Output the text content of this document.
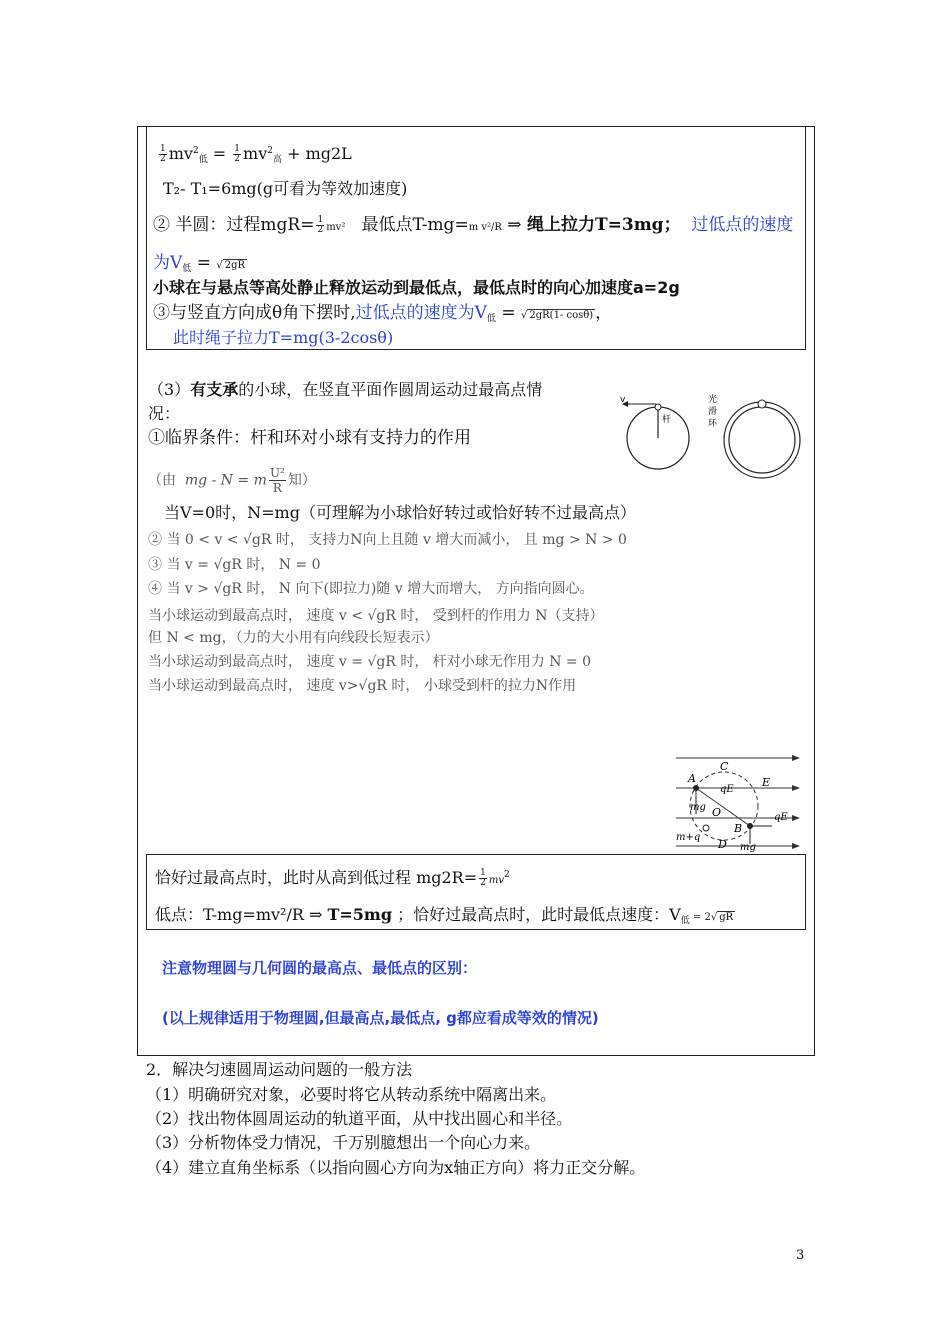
$\frac{1}{2} mv^2_低 = \frac{1}{2} mv^2_高 + mg2L$
T₂- T₁=6mg(g可看为等效加速度)
② 半圆：过程$mgR= \frac{1}{2} mv^2$ 最低点T-mg=m v²/R ⇒ 绳上拉力T=3mg； 过低点的速度
为$V_低$ = √ 2gR
小球在与悬点等高处静止释放运动到最低点，最低点时的向心加速度a=2g
③与竖直方向成θ角下摆时,过低点的速度为$V_低$ = √ 2gR(1- cosθ) ，
此时绳子拉力T=mg(3-2cosθ)
（3）有支承的小球，在竖直平面作圆周运动过最高点情
况：
①临界条件：杆和环对小球有支持力的作用
（由 mg - N = m $\frac{\text{U²}}{R}$ 知）
当V=0时，N=mg（可理解为小球恰好转过或恰好转不过最高点）
② 当 0 < v < √gR 时， 支持力N向上且随 v 增大而减小， 且 mg > N > 0
③ 当 v = √gR 时， N = 0
④ 当 v > √gR 时， N 向下(即拉力)随 v 增大而增大， 方向指向圆心。
当小球运动到最高点时， 速度 v < √gR 时， 受到杆的作用力 N（支持）
但 N < mg，（力的大小用有向线段长短表示）
当小球运动到最高点时， 速度 v = √gR 时， 杆对小球无作用力 N = 0
当小球运动到最高点时， 速度 v>√gR 时， 小球受到杆的拉力N作用
v
杆
光
滑
环
A
C
E
qE
O
mg
B
qE
m+q
D mg
恰好过最高点时，此时从高到低过程 $mg2R= \frac{1}{2} mv^2$
低点：T-mg=mv²/R ⇒ T=5mg ；恰好过最高点时，此时最低点速度：$V_低 = 2√$ gR
注意物理圆与几何圆的最高点、最低点的区别：
(以上规律适用于物理圆,但最高点,最低点, g都应看成等效的情况)
2．解决匀速圆周运动问题的一般方法
（1）明确研究对象，必要时将它从转动系统中隔离出来。
（2）找出物体圆周运动的轨道平面，从中找出圆心和半径。
（3）分析物体受力情况，千万别臆想出一个向心力来。
（4）建立直角坐标系（以指向圆心方向为x轴正方向）将力正交分解。
3
